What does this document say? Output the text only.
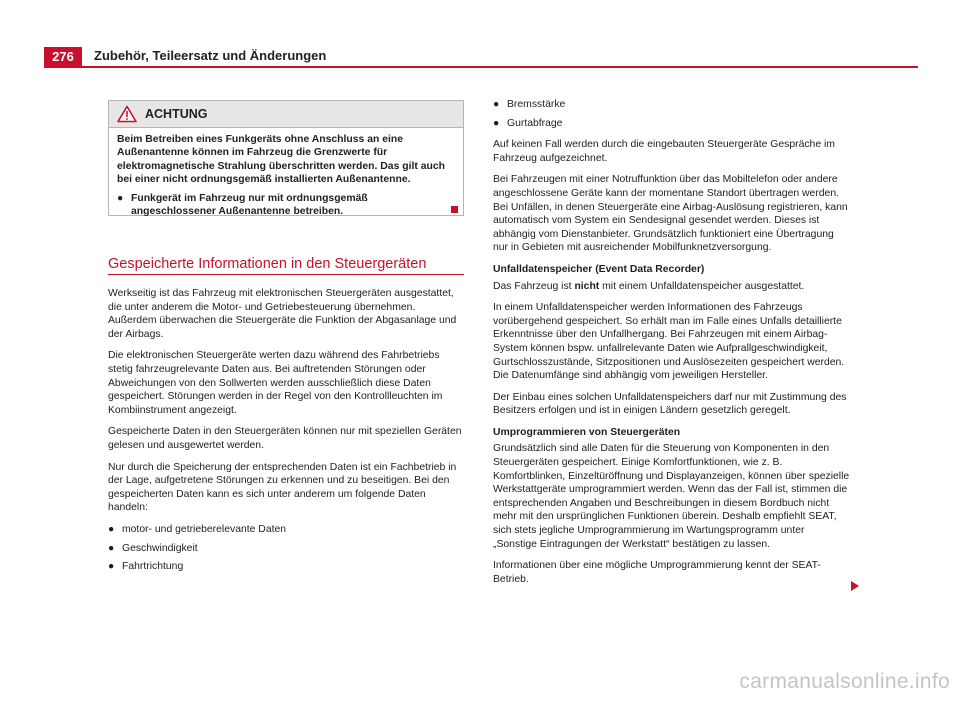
276	Zubehör, Teileersatz und Änderungen
ACHTUNG

Beim Betreiben eines Funkgeräts ohne Anschluss an eine Außenantenne können im Fahrzeug die Grenzwerte für elektromagnetische Strahlung überschritten werden. Das gilt auch bei einer nicht ordnungsgemäß installierten Außenantenne.

● Funkgerät im Fahrzeug nur mit ordnungsgemäß angeschlossener Außenantenne betreiben.

Gespeicherte Informationen in den Steuergeräten

Werkseitig ist das Fahrzeug mit elektronischen Steuergeräten ausgestattet, die unter anderem die Motor- und Getriebesteuerung übernehmen. Außerdem überwachen die Steuergeräte die Funktion der Abgasanlage und der Airbags.

Die elektronischen Steuergeräte werten dazu während des Fahrbetriebs stetig fahrzeugrelevante Daten aus. Bei auftretenden Störungen oder Abweichungen von den Sollwerten werden ausschließlich diese Daten gespeichert. Störungen werden in der Regel von den Kontrollleuchten im Kombiinstrument angezeigt.

Gespeicherte Daten in den Steuergeräten können nur mit speziellen Geräten gelesen und ausgewertet werden.

Nur durch die Speicherung der entsprechenden Daten ist ein Fachbetrieb in der Lage, aufgetretene Störungen zu erkennen und zu beseitigen. Bei den gespeicherten Daten kann es sich unter anderem um folgende Daten handeln:

● motor- und getrieberelevante Daten
● Geschwindigkeit
● Fahrtrichtung
● Bremsstärke
● Gurtabfrage

Auf keinen Fall werden durch die eingebauten Steuergeräte Gespräche im Fahrzeug aufgezeichnet.

Bei Fahrzeugen mit einer Notruffunktion über das Mobiltelefon oder andere angeschlossene Geräte kann der momentane Standort übertragen werden. Bei Unfällen, in denen Steuergeräte eine Airbag-Auslösung registrieren, kann automatisch vom System ein Sendesignal gesendet werden. Dieses ist abhängig vom Dienstanbieter. Grundsätzlich funktioniert eine Übertragung nur in Gebieten mit ausreichender Mobilfunknetzversorgung.

Unfalldatenspeicher (Event Data Recorder)

Das Fahrzeug ist nicht mit einem Unfalldatenspeicher ausgestattet.

In einem Unfalldatenspeicher werden Informationen des Fahrzeugs vorübergehend gespeichert. So erhält man im Falle eines Unfalls detaillierte Erkenntnisse über den Unfallhergang. Bei Fahrzeugen mit einem Airbag-System können bspw. unfallrelevante Daten wie Aufprallgeschwindigkeit, Gurtschlosszustände, Sitzpositionen und Auslösezeiten gespeichert werden. Die Datenumfänge sind abhängig vom jeweiligen Hersteller.

Der Einbau eines solchen Unfalldatenspeichers darf nur mit Zustimmung des Besitzers erfolgen und ist in einigen Ländern gesetzlich geregelt.

Umprogrammieren von Steuergeräten

Grundsätzlich sind alle Daten für die Steuerung von Komponenten in den Steuergeräten gespeichert. Einige Komfortfunktionen, wie z. B. Komfortblinken, Einzeltüröffnung und Displayanzeigen, können über spezielle Werkstattgeräte umprogrammiert werden. Wenn das der Fall ist, stimmen die entsprechenden Angaben und Beschreibungen in diesem Bordbuch nicht mehr mit den ursprünglichen Funktionen überein. Deshalb empfiehlt SEAT, sich stets jegliche Umprogrammierung im Wartungsprogramm unter „Sonstige Eintragungen der Werkstatt“ bestätigen zu lassen.

Informationen über eine mögliche Umprogrammierung kennt der SEAT-Betrieb.

carmanualsonline.info
